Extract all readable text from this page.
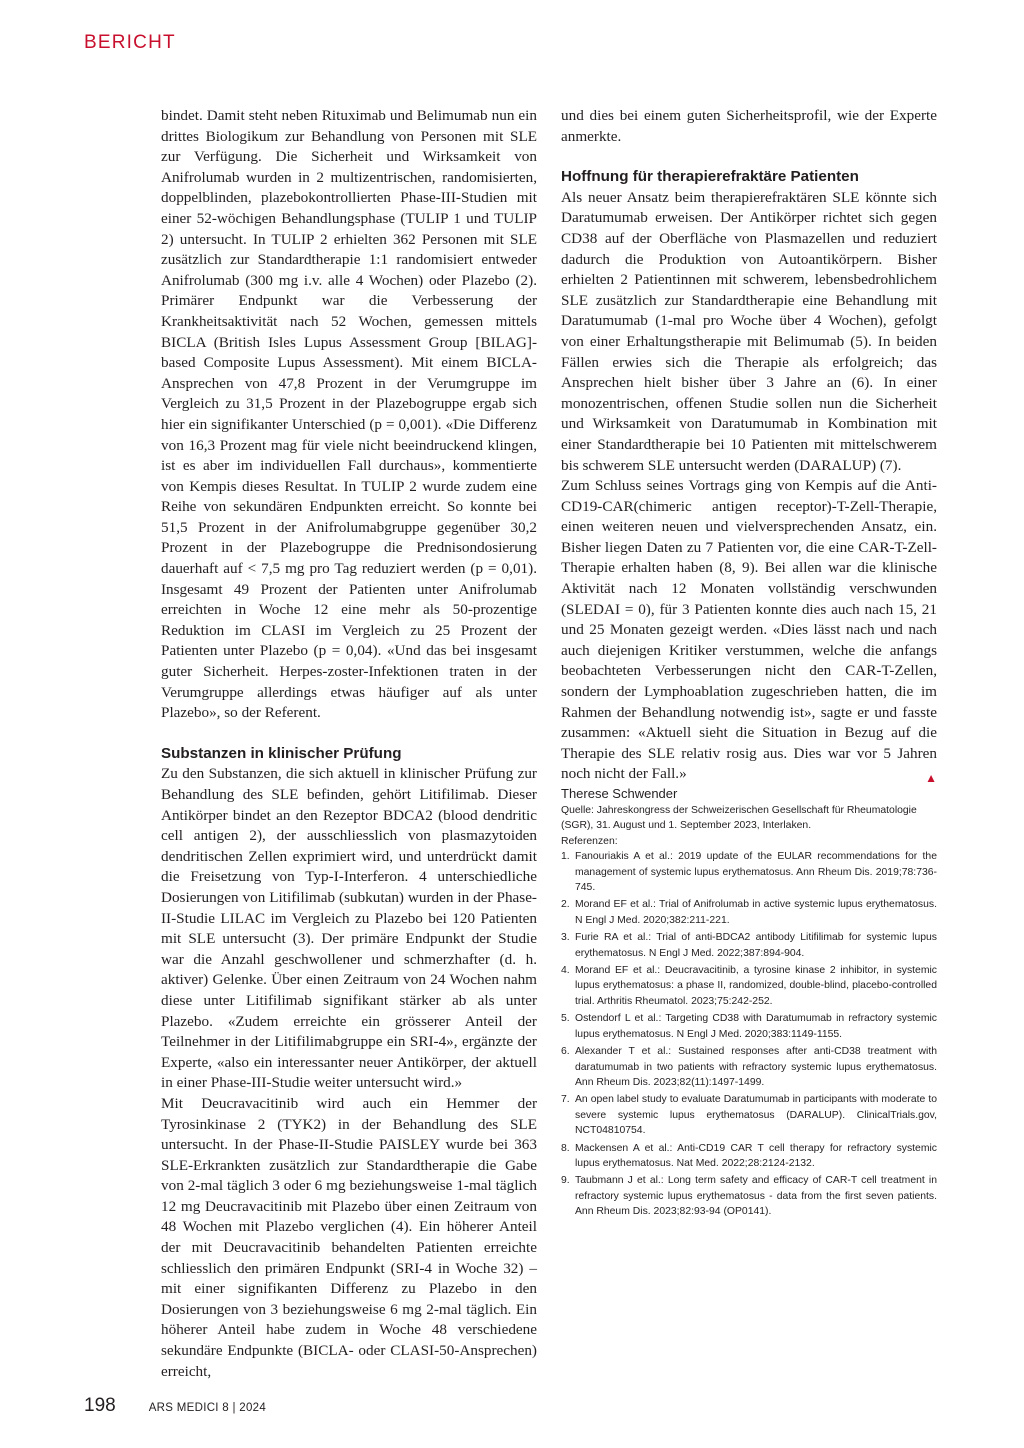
BERICHT

bindet. Damit steht neben Rituximab und Belimumab nun ein drittes Biologikum zur Behandlung von Personen mit SLE zur Verfügung. Die Sicherheit und Wirksamkeit von Anifrolumab wurden in 2 multizentrischen, randomisierten, doppelblinden, plazebokontrollierten Phase-III-Studien mit einer 52-wöchigen Behandlungsphase (TULIP 1 und TULIP 2) untersucht. In TULIP 2 erhielten 362 Personen mit SLE zusätzlich zur Standardtherapie 1:1 randomisiert entweder Anifrolumab (300 mg i.v. alle 4 Wochen) oder Plazebo (2). Primärer Endpunkt war die Verbesserung der Krankheitsaktivität nach 52 Wochen, gemessen mittels BICLA (British Isles Lupus Assessment Group [BILAG]-based Composite Lupus Assessment). Mit einem BICLA-Ansprechen von 47,8 Prozent in der Verumgruppe im Vergleich zu 31,5 Prozent in der Plazebogruppe ergab sich hier ein signifikanter Unterschied (p = 0,001). «Die Differenz von 16,3 Prozent mag für viele nicht beeindruckend klingen, ist es aber im individuellen Fall durchaus», kommentierte von Kempis dieses Resultat. In TULIP 2 wurde zudem eine Reihe von sekundären Endpunkten erreicht. So konnte bei 51,5 Prozent in der Anifrolumabgruppe gegenüber 30,2 Prozent in der Plazebogruppe die Prednisondosierung dauerhaft auf < 7,5 mg pro Tag reduziert werden (p = 0,01). Insgesamt 49 Prozent der Patienten unter Anifrolumab erreichten in Woche 12 eine mehr als 50-prozentige Reduktion im CLASI im Vergleich zu 25 Prozent der Patienten unter Plazebo (p = 0,04). «Und das bei insgesamt guter Sicherheit. Herpes-zoster-Infektionen traten in der Verumgruppe allerdings etwas häufiger auf als unter Plazebo», so der Referent.

Substanzen in klinischer Prüfung

Zu den Substanzen, die sich aktuell in klinischer Prüfung zur Behandlung des SLE befinden, gehört Litifilimab. Dieser Antikörper bindet an den Rezeptor BDCA2 (blood dendritic cell antigen 2), der ausschliesslich von plasmazytoiden dendritischen Zellen exprimiert wird, und unterdrückt damit die Freisetzung von Typ-I-Interferon. 4 unterschiedliche Dosierungen von Litifilimab (subkutan) wurden in der Phase-II-Studie LILAC im Vergleich zu Plazebo bei 120 Patienten mit SLE untersucht (3). Der primäre Endpunkt der Studie war die Anzahl geschwollener und schmerzhafter (d. h. aktiver) Gelenke. Über einen Zeitraum von 24 Wochen nahm diese unter Litifilimab signifikant stärker ab als unter Plazebo. «Zudem erreichte ein grösserer Anteil der Teilnehmer in der Litifilimabgruppe ein SRI-4», ergänzte der Experte, «also ein interessanter neuer Antikörper, der aktuell in einer Phase-III-Studie weiter untersucht wird.»

Mit Deucravacitinib wird auch ein Hemmer der Tyrosinkinase 2 (TYK2) in der Behandlung des SLE untersucht. In der Phase-II-Studie PAISLEY wurde bei 363 SLE-Erkrankten zusätzlich zur Standardtherapie die Gabe von 2-mal täglich 3 oder 6 mg beziehungsweise 1-mal täglich 12 mg Deucravacitinib mit Plazebo über einen Zeitraum von 48 Wochen mit Plazebo verglichen (4). Ein höherer Anteil der mit Deucravacitinib behandelten Patienten erreichte schliesslich den primären Endpunkt (SRI-4 in Woche 32) – mit einer signifikanten Differenz zu Plazebo in den Dosierungen von 3 beziehungsweise 6 mg 2-mal täglich. Ein höherer Anteil habe zudem in Woche 48 verschiedene sekundäre Endpunkte (BICLA- oder CLASI-50-Ansprechen) erreicht,

und dies bei einem guten Sicherheitsprofil, wie der Experte anmerkte.

Hoffnung für therapierefraktäre Patienten

Als neuer Ansatz beim therapierefraktären SLE könnte sich Daratumumab erweisen. Der Antikörper richtet sich gegen CD38 auf der Oberfläche von Plasmazellen und reduziert dadurch die Produktion von Autoantikörpern. Bisher erhielten 2 Patientinnen mit schwerem, lebensbedrohlichem SLE zusätzlich zur Standardtherapie eine Behandlung mit Daratumumab (1-mal pro Woche über 4 Wochen), gefolgt von einer Erhaltungstherapie mit Belimumab (5). In beiden Fällen erwies sich die Therapie als erfolgreich; das Ansprechen hielt bisher über 3 Jahre an (6). In einer monozentrischen, offenen Studie sollen nun die Sicherheit und Wirksamkeit von Daratumumab in Kombination mit einer Standardtherapie bei 10 Patienten mit mittelschwerem bis schwerem SLE untersucht werden (DARALUP) (7).

Zum Schluss seines Vortrags ging von Kempis auf die Anti-CD19-CAR(chimeric antigen receptor)-T-Zell-Therapie, einen weiteren neuen und vielversprechenden Ansatz, ein. Bisher liegen Daten zu 7 Patienten vor, die eine CAR-T-Zell-Therapie erhalten haben (8, 9). Bei allen war die klinische Aktivität nach 12 Monaten vollständig verschwunden (SLEDAI = 0), für 3 Patienten konnte dies auch nach 15, 21 und 25 Monaten gezeigt werden. «Dies lässt nach und nach auch diejenigen Kritiker verstummen, welche die anfangs beobachteten Verbesserungen nicht den CAR-T-Zellen, sondern der Lymphoablation zugeschrieben hatten, die im Rahmen der Behandlung notwendig ist», sagte er und fasste zusammen: «Aktuell sieht die Situation in Bezug auf die Therapie des SLE relativ rosig aus. Dies war vor 5 Jahren noch nicht der Fall.»	▲

Therese Schwender

Quelle: Jahreskongress der Schweizerischen Gesellschaft für Rheumatologie (SGR), 31. August und 1. September 2023, Interlaken.

Referenzen:

1. Fanouriakis A et al.: 2019 update of the EULAR recommendations for the management of systemic lupus erythematosus. Ann Rheum Dis. 2019;78:736-745.
2. Morand EF et al.: Trial of Anifrolumab in active systemic lupus erythematosus. N Engl J Med. 2020;382:211-221.
3. Furie RA et al.: Trial of anti-BDCA2 antibody Litifilimab for systemic lupus erythematosus. N Engl J Med. 2022;387:894-904.
4. Morand EF et al.: Deucravacitinib, a tyrosine kinase 2 inhibitor, in systemic lupus erythematosus: a phase II, randomized, double-blind, placebo-controlled trial. Arthritis Rheumatol. 2023;75:242-252.
5. Ostendorf L et al.: Targeting CD38 with Daratumumab in refractory systemic lupus erythematosus. N Engl J Med. 2020;383:1149-1155.
6. Alexander T et al.: Sustained responses after anti-CD38 treatment with daratumumab in two patients with refractory systemic lupus erythematosus. Ann Rheum Dis. 2023;82(11):1497-1499.
7. An open label study to evaluate Daratumumab in participants with moderate to severe systemic lupus erythematosus (DARALUP). ClinicalTrials.gov, NCT04810754.
8. Mackensen A et al.: Anti-CD19 CAR T cell therapy for refractory systemic lupus erythematosus. Nat Med. 2022;28:2124-2132.
9. Taubmann J et al.: Long term safety and efficacy of CAR-T cell treatment in refractory systemic lupus erythematosus - data from the first seven patients. Ann Rheum Dis. 2023;82:93-94 (OP0141).
198	ARS MEDICI 8 | 2024
